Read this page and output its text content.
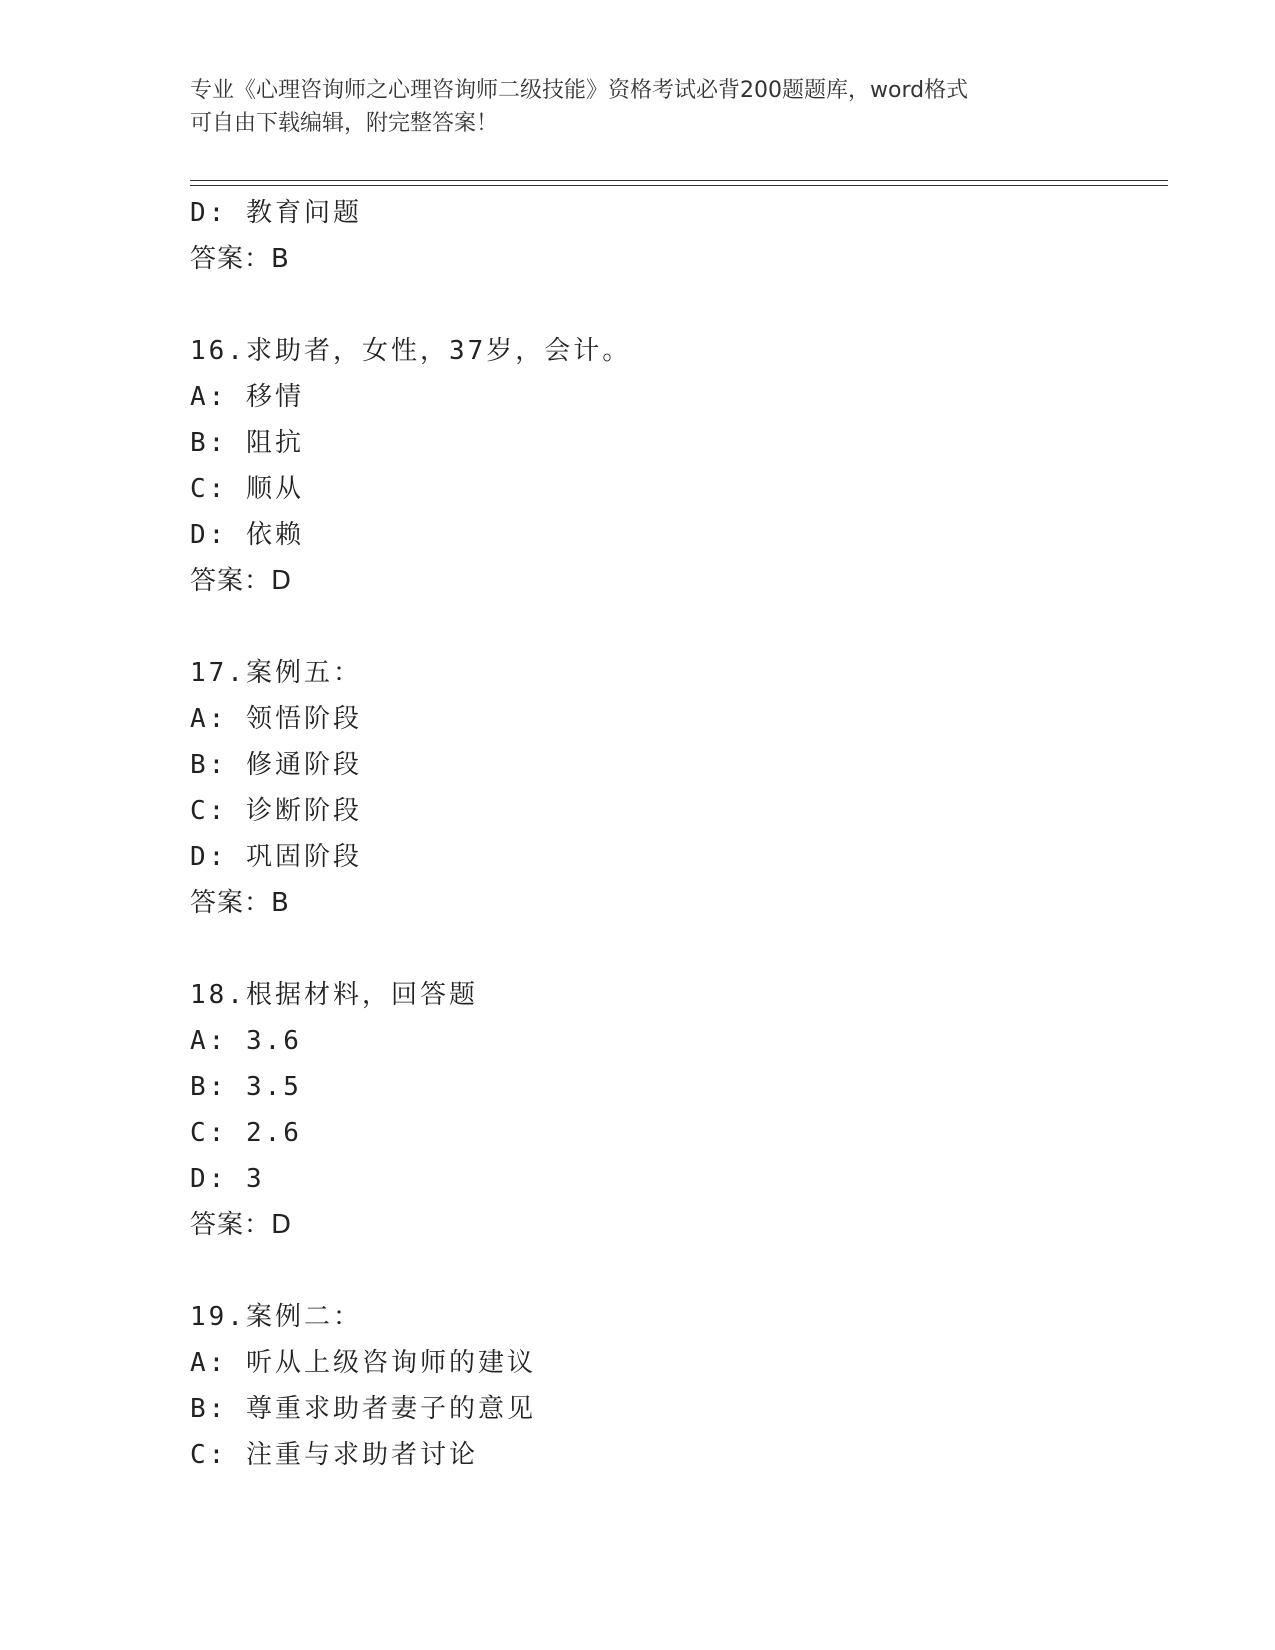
专业《心理咨询师之心理咨询师二级技能》资格考试必背200题题库，word格式

可自由下载编辑，附完整答案！

D: 教育问题
答案：B
16.求助者，女性，37岁，会计。
A: 移情
B: 阻抗
C: 顺从
D: 依赖
答案：D
17.案例五：
A: 领悟阶段
B: 修通阶段
C: 诊断阶段
D: 巩固阶段
答案：B
18.根据材料，回答题
A: 3.6
B: 3.5
C: 2.6
D: 3
答案：D
19.案例二：
A: 听从上级咨询师的建议
B: 尊重求助者妻子的意见
C: 注重与求助者讨论
